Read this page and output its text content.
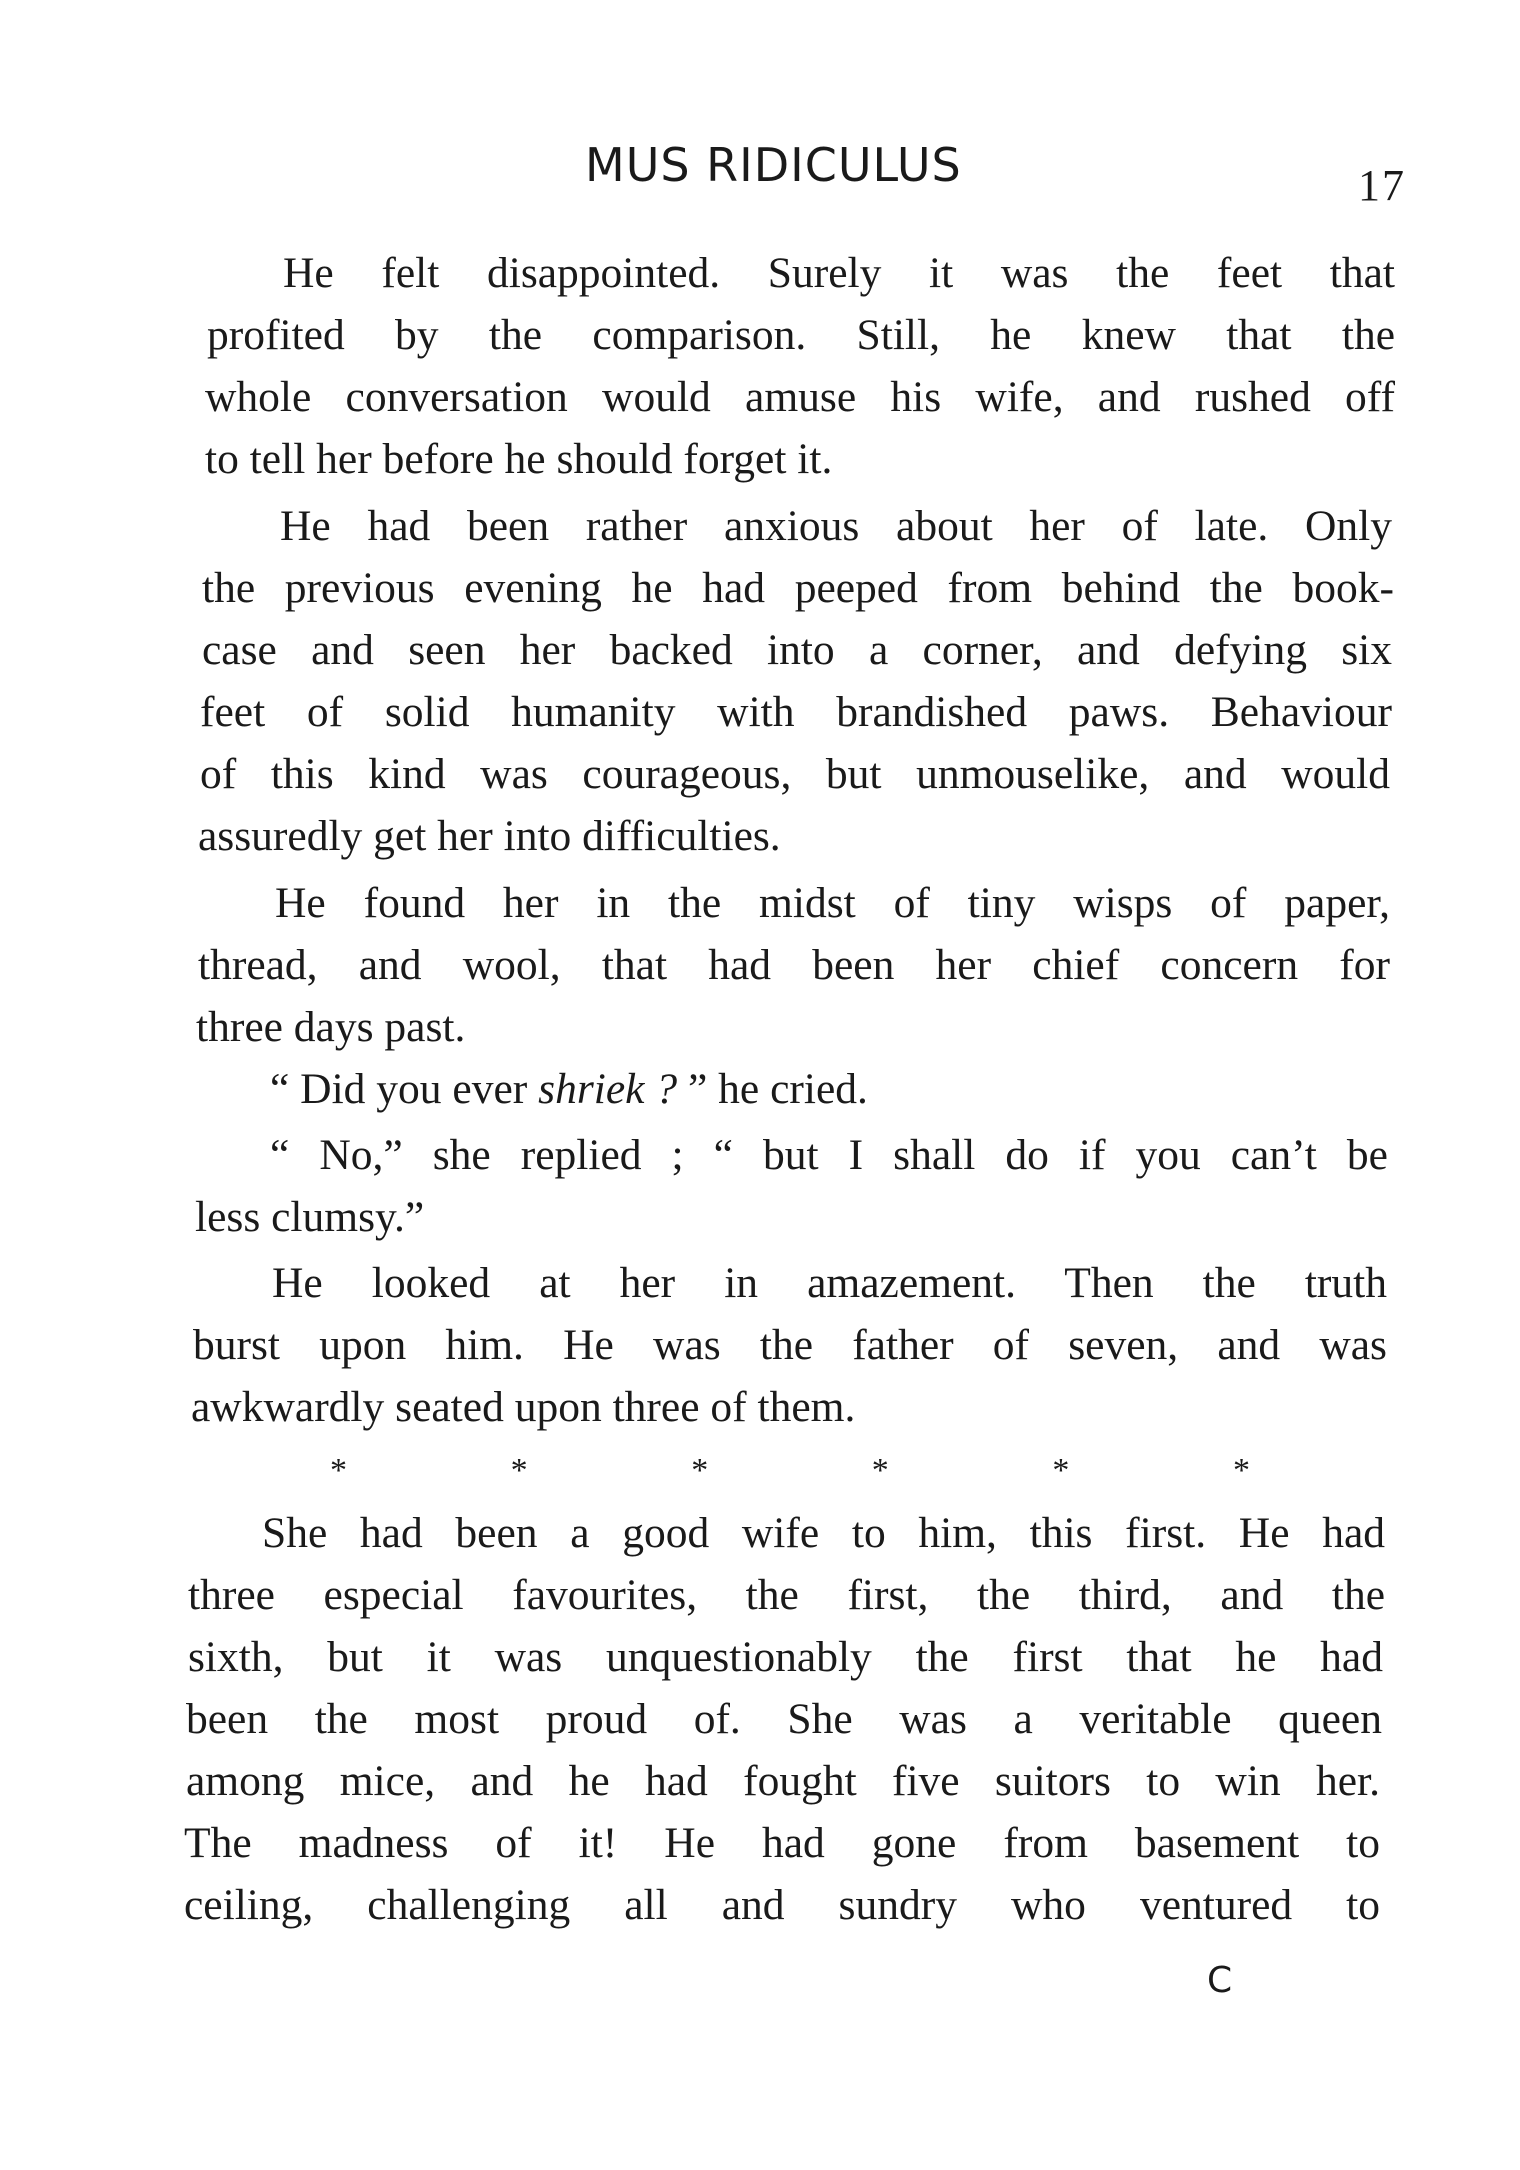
MUS RIDICULUS	17
He felt disappointed. Surely it was the feet that
profited by the comparison. Still, he knew that the
whole conversation would amuse his wife, and rushed off
to tell her before he should forget it.
He had been rather anxious about her of late. Only
the previous evening he had peeped from behind the book-
case and seen her backed into a corner, and defying six
feet of solid humanity with brandished paws. Behaviour
of this kind was courageous, but unmouselike, and would
assuredly get her into difficulties.
He found her in the midst of tiny wisps of paper,
thread, and wool, that had been her chief concern for
three days past.
“ Did you ever shriek ? ” he cried.
“ No,” she replied ; “ but I shall do if you can’t be
less clumsy.”
He looked at her in amazement. Then the truth
burst upon him. He was the father of seven, and was
awkwardly seated upon three of them.
*	*	*	*	*	*
She had been a good wife to him, this first. He had
three especial favourites, the first, the third, and the
sixth, but it was unquestionably the first that he had
been the most proud of. She was a veritable queen
among mice, and he had fought five suitors to win her.
The madness of it! He had gone from basement to
ceiling, challenging all and sundry who ventured to
C
